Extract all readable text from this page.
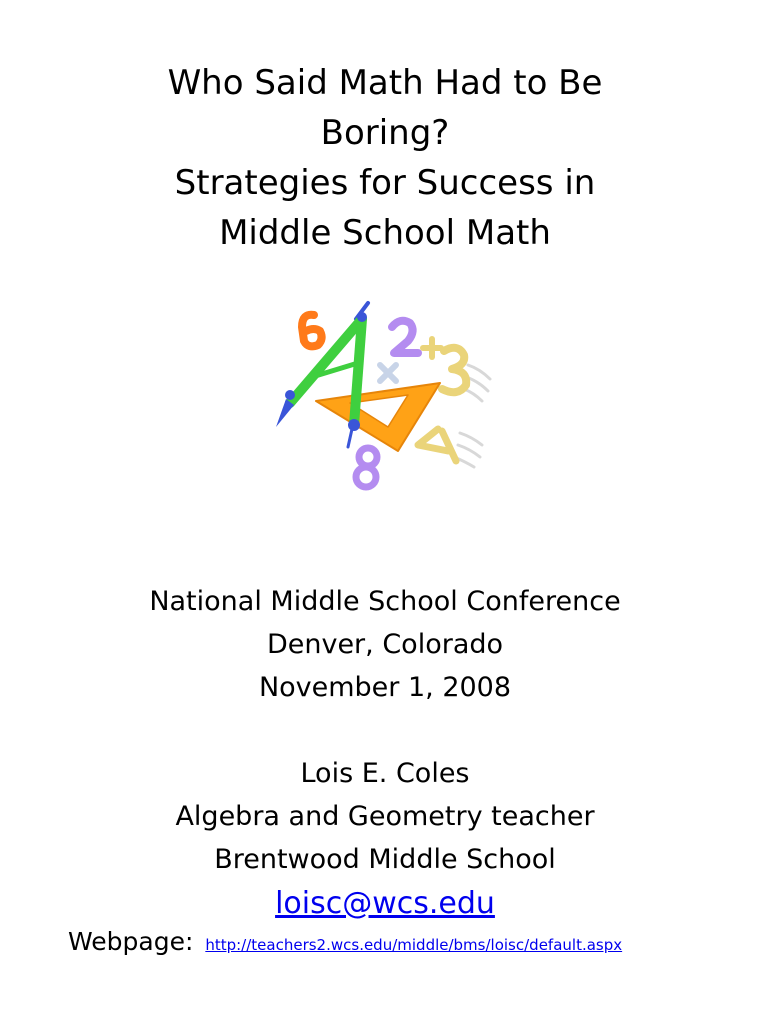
Who Said Math Had to Be
Boring?
Strategies for Success in
Middle School Math
National Middle School Conference
Denver, Colorado
November 1, 2008
Lois E. Coles
Algebra and Geometry teacher
Brentwood Middle School
loisc@wcs.edu
Webpage: http://teachers2.wcs.edu/middle/bms/loisc/default.aspx
